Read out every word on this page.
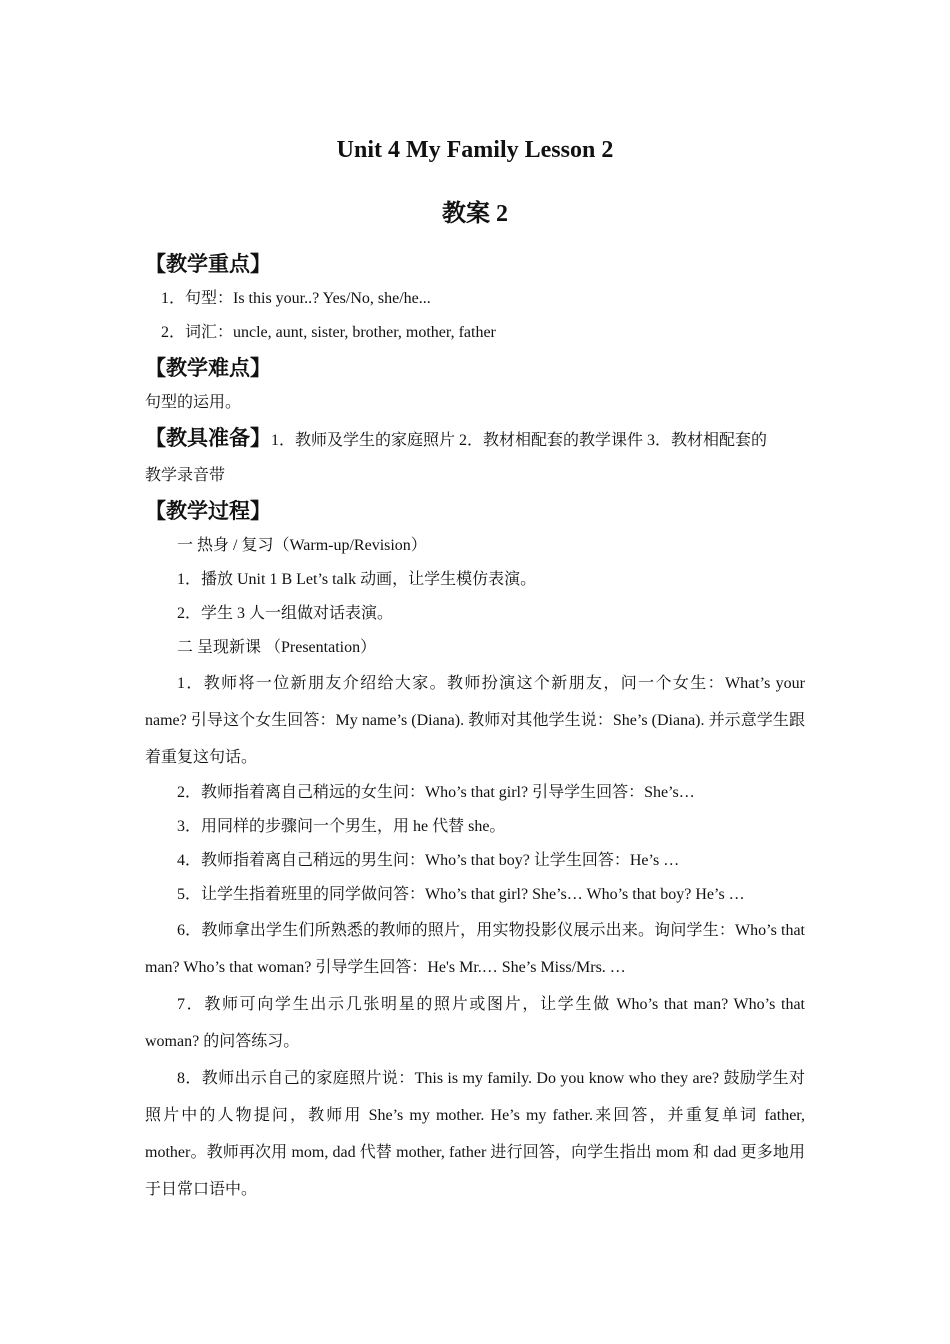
Unit 4 My Family Lesson 2
教案 2
【教学重点】

1．句型：Is this your..? Yes/No, she/he...

2．词汇：uncle, aunt, sister, brother, mother, father

【教学难点】

句型的运用。

【教具准备】1．教师及学生的家庭照片 2．教材相配套的教学课件 3．教材相配套的

教学录音带

【教学过程】

一 热身 / 复习（Warm-up/Revision）

1．播放 Unit 1 B Let’s talk 动画，让学生模仿表演。

2．学生 3 人一组做对话表演。

二 呈现新课 （Presentation）

1．教师将一位新朋友介绍给大家。教师扮演这个新朋友，问一个女生：What’s your name? 引导这个女生回答：My name’s (Diana). 教师对其他学生说：She’s (Diana). 并示意学生跟着重复这句话。

2．教师指着离自己稍远的女生问：Who’s that girl? 引导学生回答：She’s…

3．用同样的步骤问一个男生，用 he 代替 she。

4．教师指着离自己稍远的男生问：Who’s that boy? 让学生回答：He’s …

5．让学生指着班里的同学做问答：Who’s that girl? She’s… Who’s that boy? He’s …

6．教师拿出学生们所熟悉的教师的照片，用实物投影仪展示出来。询问学生：Who’s that man? Who’s that woman? 引导学生回答：He's Mr.… She’s Miss/Mrs. …

7．教师可向学生出示几张明星的照片或图片，让学生做 Who’s that man? Who’s that woman? 的问答练习。

8．教师出示自己的家庭照片说：This is my family. Do you know who they are? 鼓励学生对照片中的人物提问，教师用 She’s my mother. He’s my father.来回答，并重复单词 father, mother。教师再次用 mom, dad 代替 mother, father 进行回答，向学生指出 mom 和 dad 更多地用于日常口语中。
